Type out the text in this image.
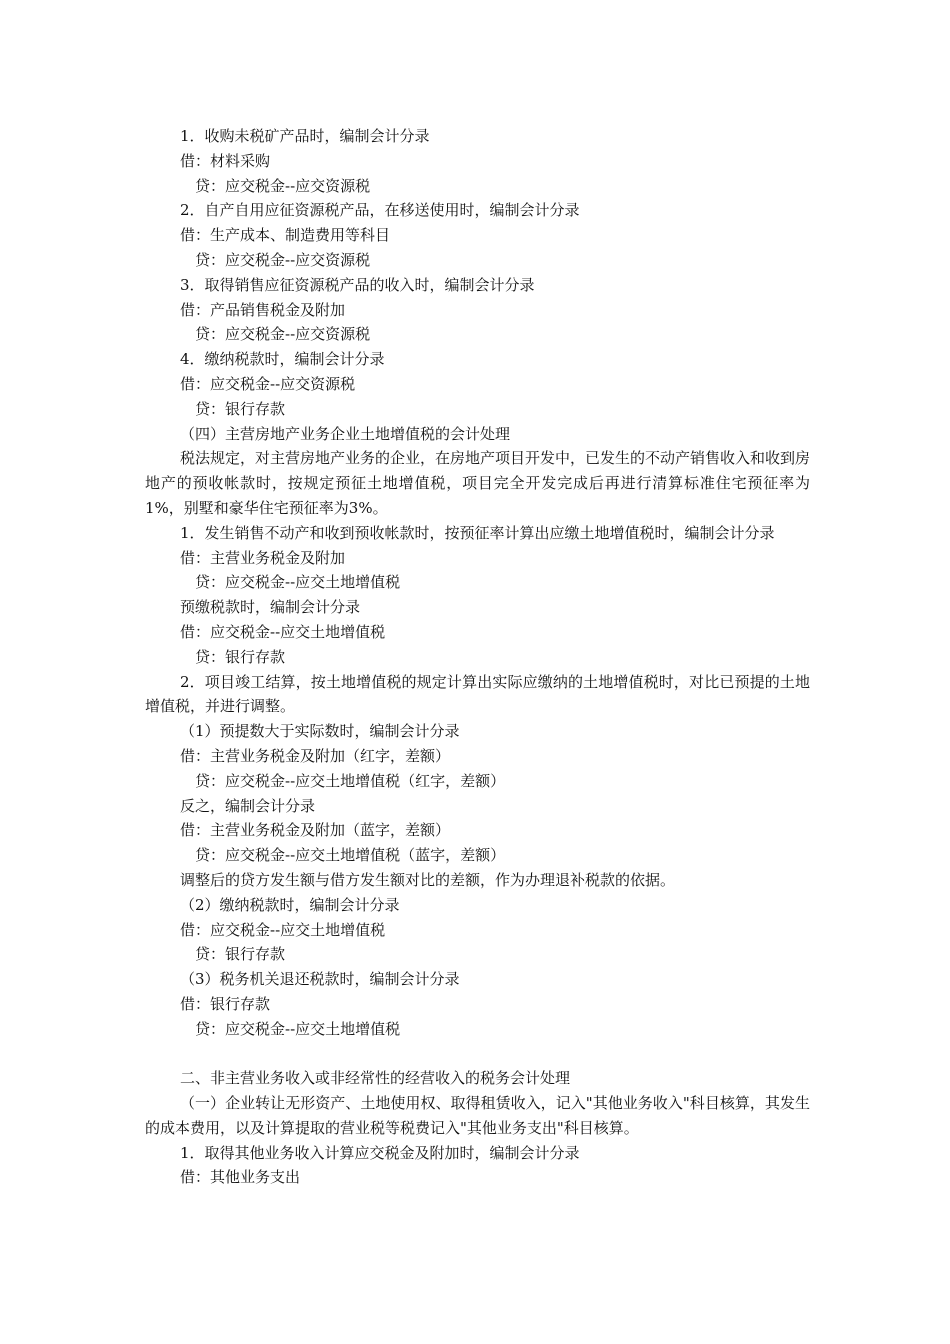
1．收购未税矿产品时，编制会计分录
借：材料采购
贷：应交税金--应交资源税
2．自产自用应征资源税产品，在移送使用时，编制会计分录
借：生产成本、制造费用等科目
贷：应交税金--应交资源税
3．取得销售应征资源税产品的收入时，编制会计分录
借：产品销售税金及附加
贷：应交税金--应交资源税
4．缴纳税款时，编制会计分录
借：应交税金--应交资源税
贷：银行存款
（四）主营房地产业务企业土地增值税的会计处理
税法规定，对主营房地产业务的企业，在房地产项目开发中，已发生的不动产销售收入和收到房地产的预收帐款时，按规定预征土地增值税，项目完全开发完成后再进行清算标准住宅预征率为1%，别墅和豪华住宅预征率为3%。
1．发生销售不动产和收到预收帐款时，按预征率计算出应缴土地增值税时，编制会计分录
借：主营业务税金及附加
贷：应交税金--应交土地增值税
预缴税款时，编制会计分录
借：应交税金--应交土地增值税
贷：银行存款
2．项目竣工结算，按土地增值税的规定计算出实际应缴纳的土地增值税时，对比已预提的土地增值税，并进行调整。
（1）预提数大于实际数时，编制会计分录
借：主营业务税金及附加（红字，差额）
贷：应交税金--应交土地增值税（红字，差额）
反之，编制会计分录
借：主营业务税金及附加（蓝字，差额）
贷：应交税金--应交土地增值税（蓝字，差额）
调整后的贷方发生额与借方发生额对比的差额，作为办理退补税款的依据。
（2）缴纳税款时，编制会计分录
借：应交税金--应交土地增值税
贷：银行存款
（3）税务机关退还税款时，编制会计分录
借：银行存款
贷：应交税金--应交土地增值税
二、非主营业务收入或非经常性的经营收入的税务会计处理
（一）企业转让无形资产、土地使用权、取得租赁收入，记入"其他业务收入"科目核算，其发生的成本费用，以及计算提取的营业税等税费记入"其他业务支出"科目核算。
1．取得其他业务收入计算应交税金及附加时，编制会计分录
借：其他业务支出
